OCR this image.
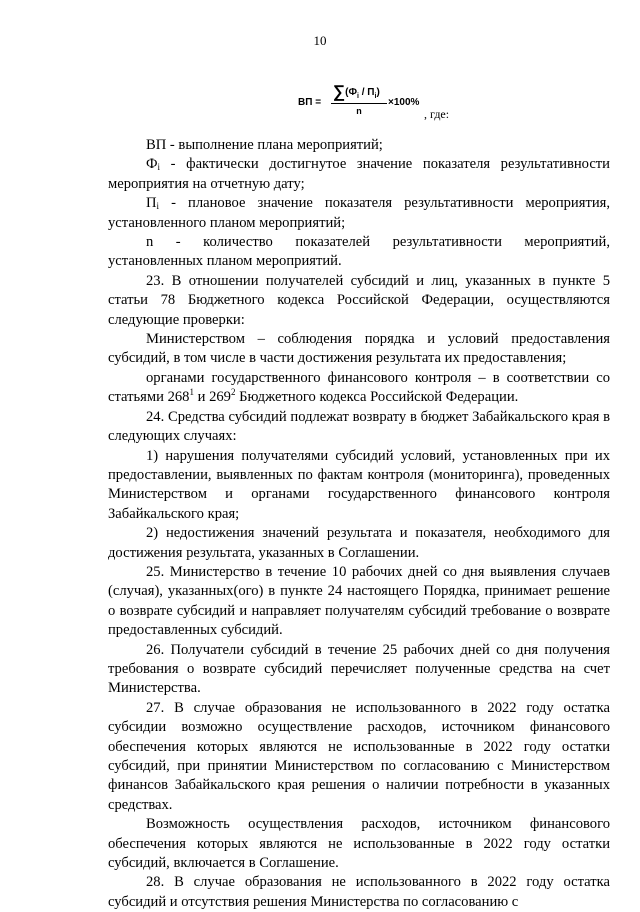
10
ВП =
$\sum(Ф_i / П_i)$
n
×100%
, где:

ВП - выполнение плана мероприятий;

$Ф_i$ - фактически достигнутое значение показателя результативности мероприятия на отчетную дату;

$П_i$ - плановое значение показателя результативности мероприятия, установленного планом мероприятий;

n - количество показателей результативности мероприятий, установленных планом мероприятий.

23. В отношении получателей субсидий и лиц, указанных в пункте 5 статьи 78 Бюджетного кодекса Российской Федерации, осуществляются следующие проверки:

Министерством – соблюдения порядка и условий предоставления субсидий, в том числе в части достижения результата их предоставления;

органами государственного финансового контроля – в соответствии со статьями $268^1$ и $269^2$ Бюджетного кодекса Российской Федерации.

24. Средства субсидий подлежат возврату в бюджет Забайкальского края в следующих случаях:

1) нарушения получателями субсидий условий, установленных при их предоставлении, выявленных по фактам контроля (мониторинга), проведенных Министерством и органами государственного финансового контроля Забайкальского края;

2) недостижения значений результата и показателя, необходимого для достижения результата, указанных в Соглашении.

25. Министерство в течение 10 рабочих дней со дня выявления случаев (случая), указанных(ого) в пункте 24 настоящего Порядка, принимает решение о возврате субсидий и направляет получателям субсидий требование о возврате предоставленных субсидий.

26. Получатели субсидий в течение 25 рабочих дней со дня получения требования о возврате субсидий перечисляет полученные средства на счет Министерства.

27. В случае образования не использованного в 2022 году остатка субсидии возможно осуществление расходов, источником финансового обеспечения которых являются не использованные в 2022 году остатки субсидий, при принятии Министерством по согласованию с Министерством финансов Забайкальского края решения о наличии потребности в указанных средствах.

Возможность осуществления расходов, источником финансового обеспечения которых являются не использованные в 2022 году остатки субсидий, включается в Соглашение.

28. В случае образования не использованного в 2022 году остатка субсидий и отсутствия решения Министерства по согласованию с
